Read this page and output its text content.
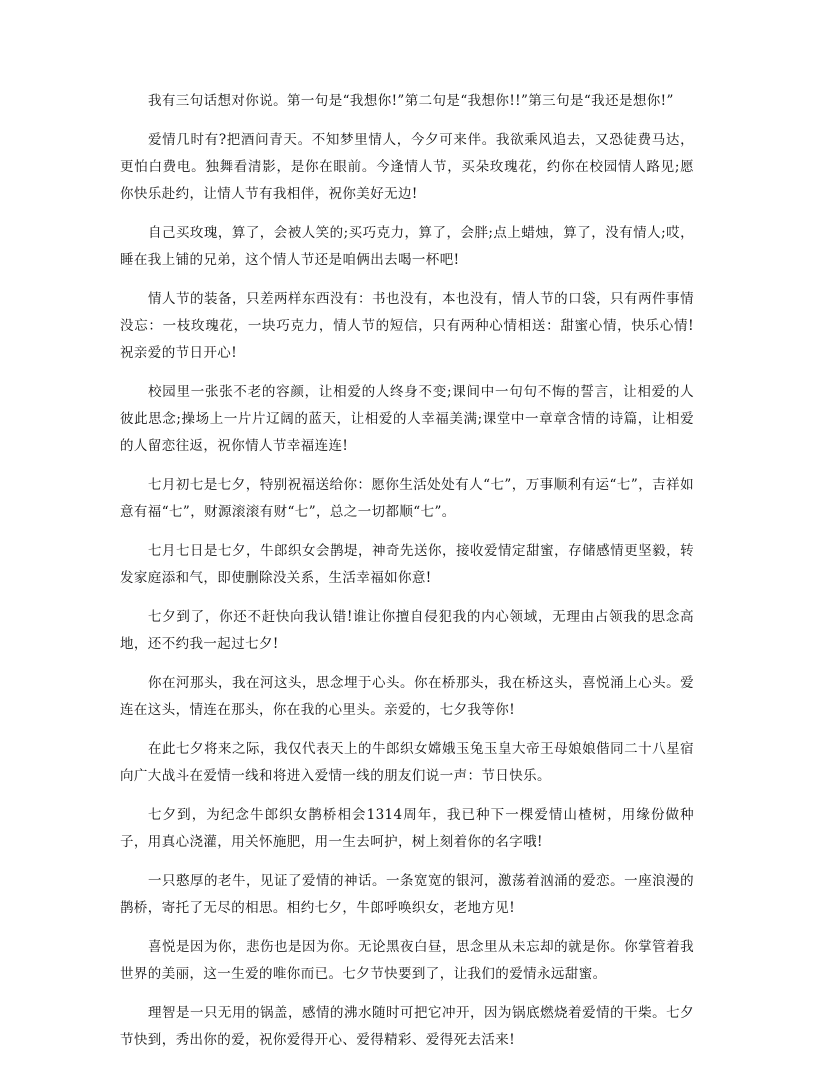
我有三句话想对你说。第一句是“我想你!”第二句是“我想你!!”第三句是“我还是想你!”

爱情几时有?把酒问青天。不知梦里情人，今夕可来伴。我欲乘风追去，又恐徒费马达，更怕白费电。独舞看清影，是你在眼前。今逢情人节，买朵玫瑰花，约你在校园情人路见;愿你快乐赴约，让情人节有我相伴，祝你美好无边!

自己买玫瑰，算了，会被人笑的;买巧克力，算了，会胖;点上蜡烛，算了，没有情人;哎，睡在我上铺的兄弟，这个情人节还是咱俩出去喝一杯吧!

情人节的装备，只差两样东西没有：书也没有，本也没有，情人节的口袋，只有两件事情没忘：一枝玫瑰花，一块巧克力，情人节的短信，只有两种心情相送：甜蜜心情，快乐心情!祝亲爱的节日开心!

校园里一张张不老的容颜，让相爱的人终身不变;课间中一句句不悔的誓言，让相爱的人彼此思念;操场上一片片辽阔的蓝天，让相爱的人幸福美满;课堂中一章章含情的诗篇，让相爱的人留恋往返，祝你情人节幸福连连!

七月初七是七夕，特别祝福送给你：愿你生活处处有人“七”，万事顺利有运“七”，吉祥如意有福“七”，财源滚滚有财“七”，总之一切都顺“七”。

七月七日是七夕，牛郎织女会鹊堤，神奇先送你，接收爱情定甜蜜，存储感情更坚毅，转发家庭添和气，即使删除没关系，生活幸福如你意!

七夕到了，你还不赶快向我认错!谁让你擅自侵犯我的内心领域，无理由占领我的思念高地，还不约我一起过七夕!

你在河那头，我在河这头，思念埋于心头。你在桥那头，我在桥这头，喜悦涌上心头。爱连在这头，情连在那头，你在我的心里头。亲爱的，七夕我等你!

在此七夕将来之际，我仅代表天上的牛郎织女嫦娥玉兔玉皇大帝王母娘娘偕同二十八星宿向广大战斗在爱情一线和将进入爱情一线的朋友们说一声：节日快乐。

七夕到，为纪念牛郎织女鹊桥相会1314周年，我已种下一棵爱情山楂树，用缘份做种子，用真心浇灌，用关怀施肥，用一生去呵护，树上刻着你的名字哦!

一只憨厚的老牛，见证了爱情的神话。一条宽宽的银河，激荡着汹涌的爱恋。一座浪漫的鹊桥，寄托了无尽的相思。相约七夕，牛郎呼唤织女，老地方见!

喜悦是因为你，悲伤也是因为你。无论黑夜白昼，思念里从未忘却的就是你。你掌管着我世界的美丽，这一生爱的唯你而已。七夕节快要到了，让我们的爱情永远甜蜜。

理智是一只无用的锅盖，感情的沸水随时可把它冲开，因为锅底燃烧着爱情的干柴。七夕节快到，秀出你的爱，祝你爱得开心、爱得精彩、爱得死去活来!
